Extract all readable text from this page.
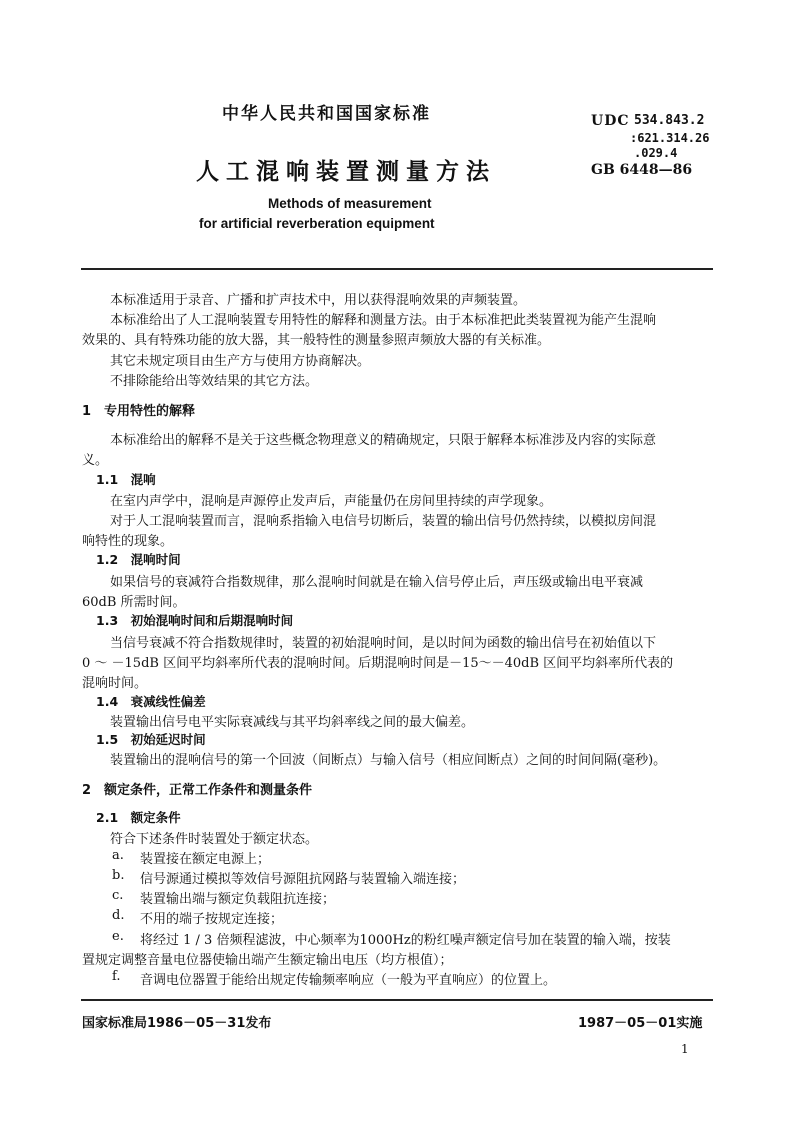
中华人民共和国国家标准	UDC 534.843.2
:621.314.26
.029.4
GB 6448—86
人工混响装置测量方法
Methods of measurement
for artificial reverberation equipment
本标准适用于录音、广播和扩声技术中，用以获得混响效果的声频装置。
本标准给出了人工混响装置专用特性的解释和测量方法。由于本标准把此类装置视为能产生混响
效果的、具有特殊功能的放大器，其一般特性的测量参照声频放大器的有关标准。
其它未规定项目由生产方与使用方协商解决。
不排除能给出等效结果的其它方法。
1　专用特性的解释
本标准给出的解释不是关于这些概念物理意义的精确规定，只限于解释本标准涉及内容的实际意
义。
1.1　混响
在室内声学中，混响是声源停止发声后，声能量仍在房间里持续的声学现象。
对于人工混响装置而言，混响系指输入电信号切断后，装置的输出信号仍然持续，以模拟房间混
响特性的现象。
1.2　混响时间
如果信号的衰减符合指数规律，那么混响时间就是在输入信号停止后，声压级或输出电平衰减
60dB 所需时间。
1.3　初始混响时间和后期混响时间
当信号衰减不符合指数规律时，装置的初始混响时间，是以时间为函数的输出信号在初始值以下
0 ～ －15dB 区间平均斜率所代表的混响时间。后期混响时间是－15～－40dB 区间平均斜率所代表的
混响时间。
1.4　衰减线性偏差
装置输出信号电平实际衰减线与其平均斜率线之间的最大偏差。
1.5　初始延迟时间
装置输出的混响信号的第一个回波（间断点）与输入信号（相应间断点）之间的时间间隔(毫秒)。
2　额定条件，正常工作条件和测量条件
2.1　额定条件
符合下述条件时装置处于额定状态。
a. 装置接在额定电源上；
b. 信号源通过模拟等效信号源阻抗网路与装置输入端连接；
c. 装置输出端与额定负载阻抗连接；
d. 不用的端子按规定连接；
e. 将经过 1 / 3 倍频程滤波，中心频率为1000Hz的粉红噪声额定信号加在装置的输入端，按装
置规定调整音量电位器使输出端产生额定输出电压（均方根值）；
f. 音调电位器置于能给出规定传输频率响应（一般为平直响应）的位置上。
国家标准局1986－05－31发布	1987－05－01实施
1
